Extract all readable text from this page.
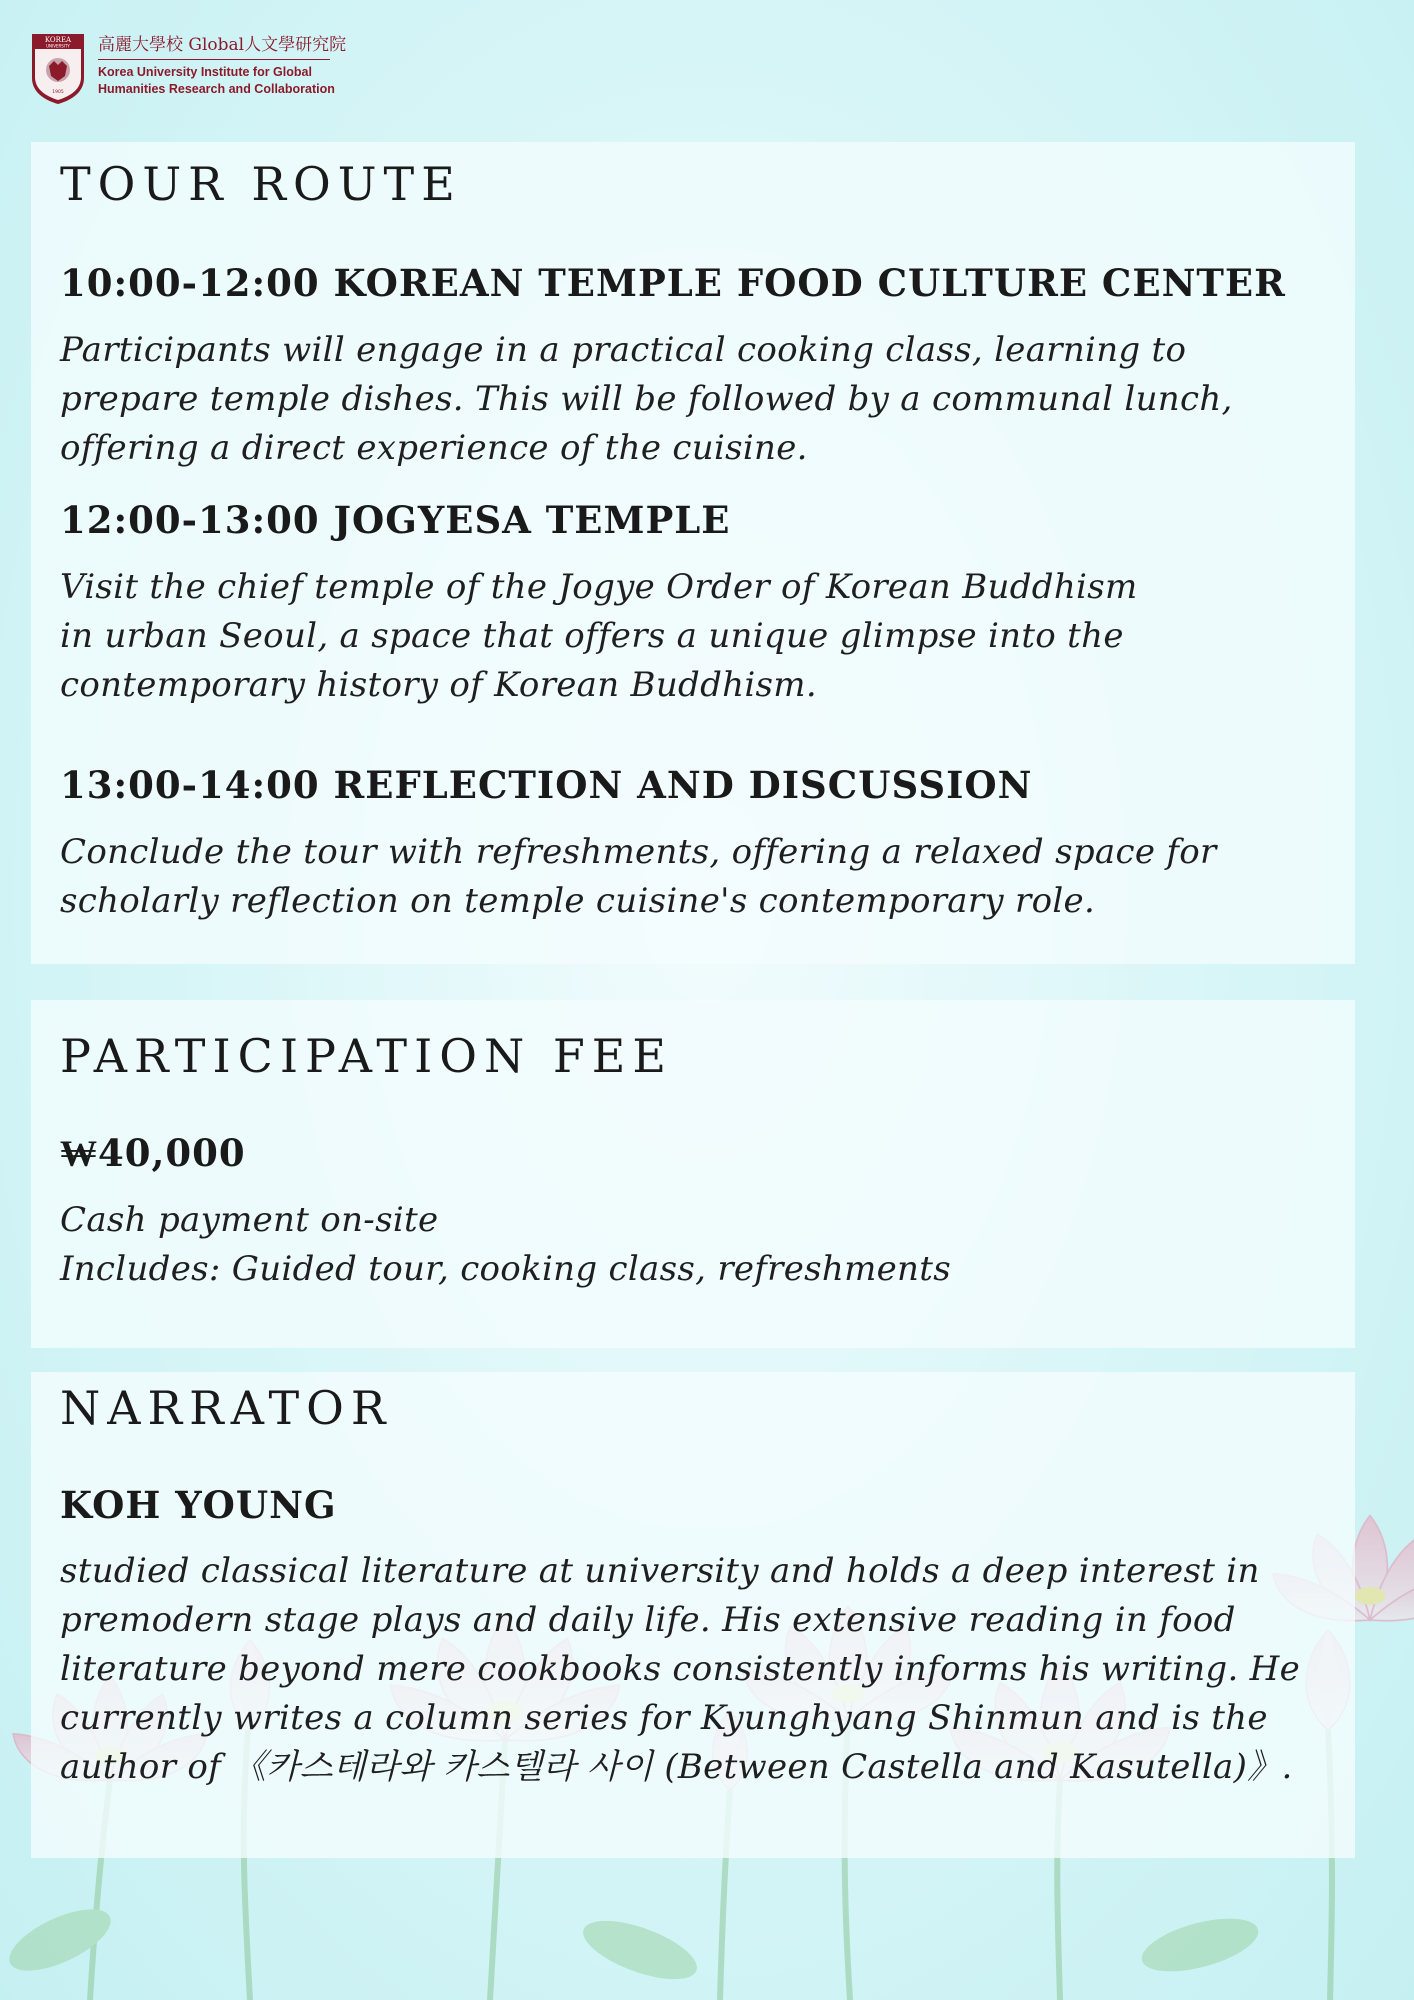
KOREA
UNIVERSITY
1905
高麗大學校 Global人文學研究院
Korea University Institute for Global
Humanities Research and Collaboration
TOUR ROUTE
10:00-12:00 KOREAN TEMPLE FOOD CULTURE CENTER

Participants will engage in a practical cooking class, learning to

prepare temple dishes. This will be followed by a communal lunch,

offering a direct experience of the cuisine.

12:00-13:00 JOGYESA TEMPLE

Visit the chief temple of the Jogye Order of Korean Buddhism

in urban Seoul, a space that offers a unique glimpse into the

contemporary history of Korean Buddhism.

13:00-14:00 REFLECTION AND DISCUSSION

Conclude the tour with refreshments, offering a relaxed space for

scholarly reflection on temple cuisine's contemporary role.

PARTICIPATION FEE
₩40,000

Cash payment on-site

Includes: Guided tour, cooking class, refreshments

NARRATOR
KOH YOUNG

studied classical literature at university and holds a deep interest in

premodern stage plays and daily life. His extensive reading in food

literature beyond mere cookbooks consistently informs his writing. He

currently writes a column series for Kyunghyang Shinmun and is the

author of 《카스테라와 카스텔라 사이 (Between Castella and Kasutella)》.
